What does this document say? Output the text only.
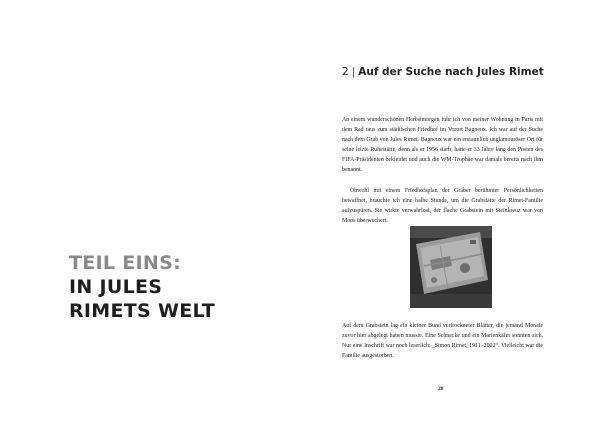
TEIL EINS:
IN JULES
RIMETS WELT
2 | Auf der Suche nach Jules Rimet

An einem wunderschönen Herbstmorgen fuhr ich von meiner Wohnung in Paris mit dem Rad raus zum städtischen Friedhof im Vorort Bagneux. Ich war auf der Suche nach dem Grab von Jules Rimet. Bagneux war ein erstaunlich unglamouröser Ort für seine letzte Ruhestätte, denn als er 1956 starb, hatte er 33 Jahre lang den Posten des FIFA-Präsidenten bekleidet und auch die WM-Trophäe war damals bereits nach ihm benannt.

Obwohl mit einem Friedhofsplan der Gräber berühmter Persönlichkeiten bewaffnet, brauchte ich eine halbe Stunde, um die Grabstätte der Rimet-Familie aufzuspüren. Sie wirkte verwahrlost, der flache Grabstein mit Steinkreuz war von Moos überwuchert.

Auf dem Grabstein lag ein kleiner Bund vertrockneter Blätter, die jemand Monate zuvor hier abgelegt haben musste. Eine Schnecke und ein Marienkäfer sonnten sich. Nur eine Inschrift war noch leserlich: „Simon Rimet, 1911–2002“. Vielleicht war die Familie ausgestorben.

28
